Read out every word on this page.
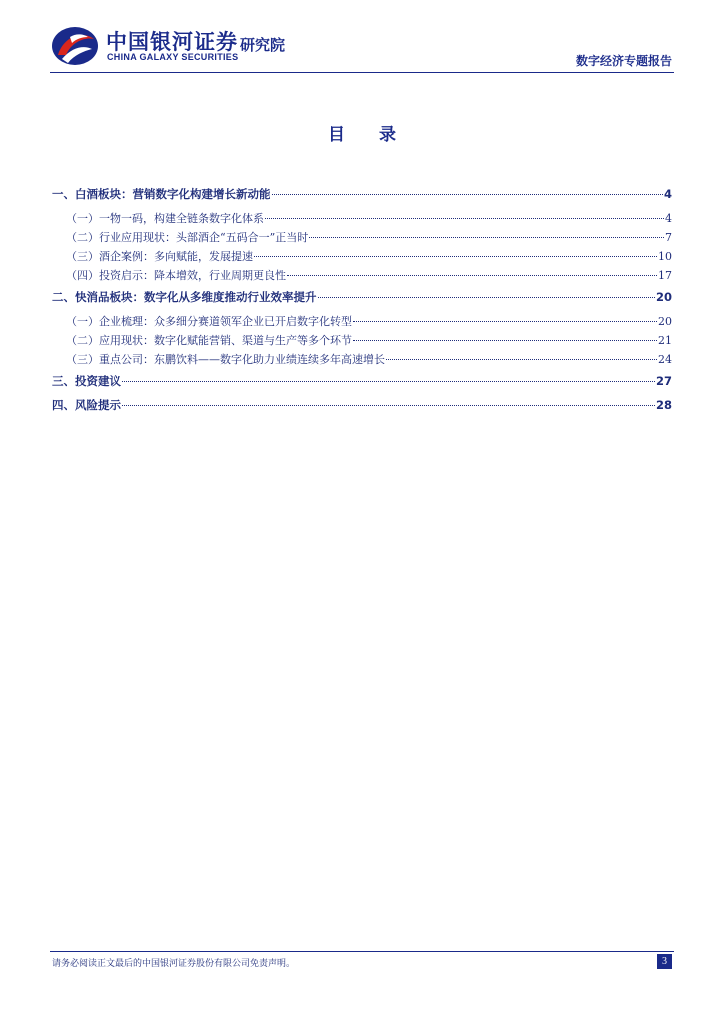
中国银河证券
CHINA GALAXY SECURITIES
研究院
数字经济专题报告
目 录
一、白酒板块：营销数字化构建增长新动能	4
（一）一物一码，构建全链条数字化体系	4
（二）行业应用现状：头部酒企“五码合一”正当时	7
（三）酒企案例：多向赋能，发展提速	10
（四）投资启示：降本增效，行业周期更良性	17
二、快消品板块：数字化从多维度推动行业效率提升	20
（一）企业梳理：众多细分赛道领军企业已开启数字化转型	20
（二）应用现状：数字化赋能营销、渠道与生产等多个环节	21
（三）重点公司：东鹏饮料——数字化助力业绩连续多年高速增长	24
三、投资建议	27
四、风险提示	28
请务必阅读正文最后的中国银河证券股份有限公司免责声明。	3
